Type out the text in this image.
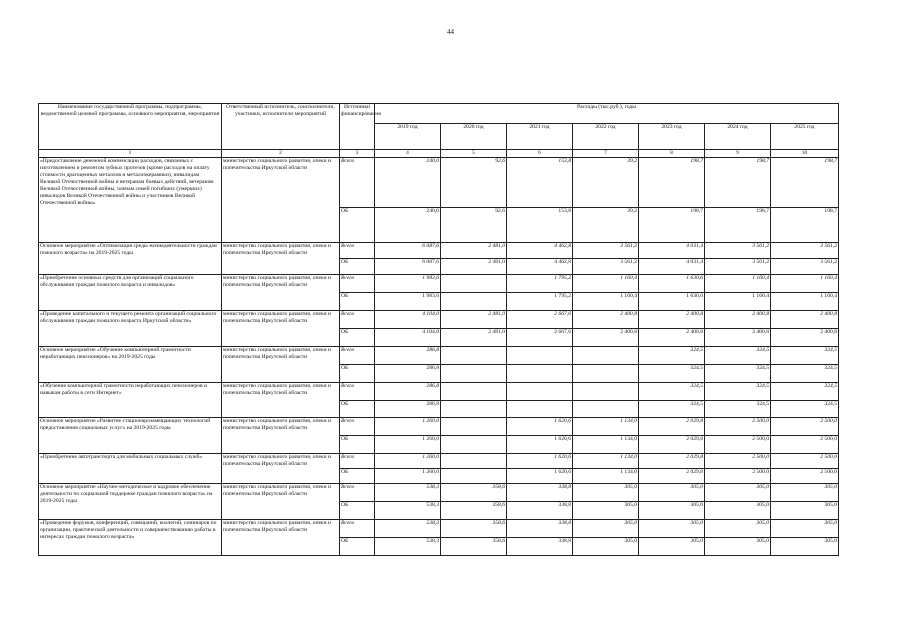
44
Наименование государственной программы, подпрограммы, ведомственной целевой программы, основного мероприятия, мероприятия	Ответственный исполнитель, соисполнители, участники, исполнители мероприятий	Источники финансирования	Расходы (тыс.руб.), годы						
			2019 год	2020 год	2021 год	2022 год	2023 год	2024 год	2025 год
1	2	3	4	5	6	7	8	9	10
«Предоставление денежной компенсации расходов, связанных с изготовлением и ремонтом зубных протезов (кроме расходов на оплату стоимости драгоценных металлов и металлокерамики), инвалидам Великой Отечественной войны и ветеранам боевых действий, ветеранам Великой Отечественной войны, членам семей погибших (умерших) инвалидов Великой Отечественной войны и участников Великой Отечественной войны»	министерство социального развития, опеки и попечительства Иркутской области	Всего	240,0	92,6	153,8	39,2	198,7	198,7	198,7
		ОБ	240,0	92,6	153,8	39,2	198,7	198,7	198,7
Основное мероприятие «Оптимизация среды жизнедеятельности граждан пожилого возраста» на 2019-2025 годы	министерство социального развития, опеки и попечительства Иркутской области	Всего	6 087,6	2 481,0	4 462,8	3 561,2	4 031,4	3 561,2	3 561,2
		ОБ	6 087,6	2 481,0	4 462,8	3 561,2	4 031,4	3 561,2	3 561,2
«Приобретение основных средств для организаций социального обслуживания граждан пожилого возраста и инвалидов»	министерство социального развития, опеки и попечительства Иркутской области	Всего	1 983,6		1 795,2	1 160,4	1 630,6	1 160,4	1 160,4
		ОБ	1 983,6		1 795,2	1 160,4	1 630,6	1 160,4	1 160,4
«Проведение капитального и текущего ремонта организаций социального обслуживания граждан пожилого возраста Иркутской области»	министерство социального развития, опеки и попечительства Иркутской области	Всего	4 104,0	2 481,0	2 667,6	2 400,8	2 400,8	2 400,8	2 400,8
		ОБ	4 104,0	2 481,0	2 667,6	2 400,8	2 400,8	2 400,8	2 400,8
Основное мероприятие «Обучение компьютерной грамотности неработающих пенсионеров» на 2019-2025 годы	министерство социального развития, опеки и попечительства Иркутской области	Всего	286,8				324,5	324,5	324,5
		ОБ	286,8				324,5	324,5	324,5
«Обучение компьютерной грамотности неработающих пенсионеров и навыкам работы в сети Интернет»	министерство социального развития, опеки и попечительства Иркутской области	Всего	286,8				324,5	324,5	324,5
		ОБ	286,8				324,5	324,5	324,5
Основное мероприятие «Развитие стационарозамещающих технологий предоставления социальных услуг» на 2019-2025 годы	министерство социального развития, опеки и попечительства Иркутской области	Всего	1 260,0		1 620,6	1 134,0	2 029,8	2 500,0	2 500,0
		ОБ	1 260,0		1 620,6	1 134,0	2 029,8	2 500,0	2 500,0
«Приобретение автотранспорта для мобильных социальных служб»	министерство социального развития, опеки и попечительства Иркутской области	Всего	1 260,0		1 620,6	1 134,0	2 029,8	2 500,0	2 500,0
		ОБ	1 260,0		1 620,6	1 134,0	2 029,8	2 500,0	2 500,0
Основное мероприятие «Научно-методическое и кадровое обеспечение деятельности по социальной поддержке граждан пожилого возраста» на 2019-2025 годы	министерство социального развития, опеки и попечительства Иркутской области	Всего	538,3	358,6	338,8	305,0	305,0	305,0	305,0
		ОБ	538,3	358,6	338,8	305,0	305,0	305,0	305,0
«Проведение форумов, конференций, совещаний, коллегий, семинаров по организации, практической деятельности и совершенствованию работы в интересах граждан пожилого возраста»	министерство социального развития, опеки и попечительства Иркутской области	Всего	538,3	358,6	338,8	305,0	305,0	305,0	305,0
		ОБ	538,3	358,6	338,8	305,0	305,0	305,0	305,0
